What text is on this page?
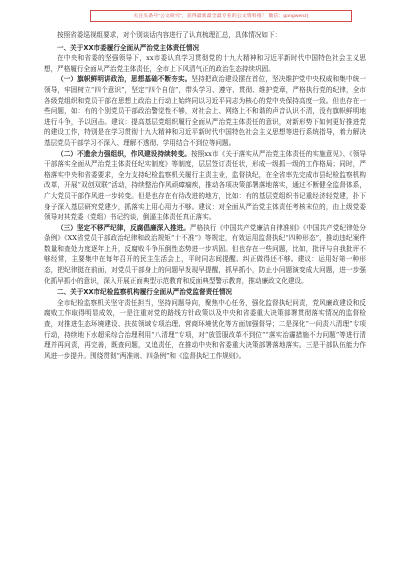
关注头条号“公文研究”，获得最新最全最专业的公文资料推！ 微信：gongwenz)

按照省委巡视组要求，对个别谈话内容进行了认真梳理汇总，具体情况如下：

一、关于XX市委履行全面从严治党主体责任情况

在中央和省委的坚强领导下，xx市委认真学习贯彻党的十九大精神和习近平新时代中国特色社会主义思想，严格履行全面从严治党主体责任，全市上下风清气正的政治生态持续巩固。

（一）旗帜鲜明讲政治，思想基础不断夯实。坚持把政治建设摆在首位，坚决维护党中央权威和集中统一领导，牢固树立“四个意识”，坚定“四个自信”，带头学习、遵守、贯彻、维护党章，严格执行党的纪律，全市各级党组织和党员干部在思想上政治上行动上始终同以习近平同志为核心的党中央保持高度一致。但也存在一些问题，如：有的个别党员干部政治警觉性不够，对社会上、网络上不和谐的声音认识不清，没有旗帜鲜明地进行斗争，予以回击。建议：提高基层党组织履行全面从严治党主体责任的意识，对新形势下如何更好推进党的建设工作，特别是在学习贯彻十九大精神和习近平新时代中国特色社会主义思想等进行系统指导，着力解决基层党员干部学习不深入、理解不透彻、学用结合不到位等问题。

（二）不遗余力强组织，作风建设持续转变。按照xx市《关于落实从严治党主体责任的实施意见》、《领导干部落实全面从严治党主体责任纪实制度》等制度，层层签订责任状，形成一级抓一级的工作格局；同时，严格落实中央和省委要求，全力支持纪检监察机关履行主责主业，监督执纪，在全省率先完成市县纪检监察机构改革，开展“双创双联”活动，持续整治作风顽瘴痼疾，推动各项决策部署落地落实，通过不断健全监督体系，广大党员干部作风进一步转变。但是也存在有待改进的地方，比如：有的基层党组织书记重经济轻党建，扑下身子深入基层研究党建少，抓落实上用心用力不够。建议：对全面从严治党主体责任考核末位的，由上级党委领导对其党委（党组）书记约谈，倒逼主体责任真正落实。

（三）坚定不移严纪律，反腐倡廉深入推进。严格执行《中国共产党廉洁自律准则》《中国共产党纪律处分条例》《XX省党员干部政治纪律和政治规矩“十不准”》等规定，有效运用监督执纪“四种形态”，推动违纪案件数量和查处力度逐年上升，反腐败斗争压倒性态势进一步巩固。但也存在一些问题，比如，批评与自我批评不够经常，主要集中在每年召开的民主生活会上，平时同志间提醒、纠正做得还不够。建议：运用好第一种形态，把纪律挺在前面，对党员干部身上的问题早发现早提醒，抓早抓小，防止小问题演变成大问题，进一步强化抓早抓小的意识，深入开展正面典型示范教育和反面典型警示教育，推动廉政文化建设。

二、关于XX市纪检监察机构履行全面从严治党监督责任情况

全市纪检监察机关坚守责任担当，坚持问题导向，聚焦中心任务，强化监督执纪问责，党风廉政建设和反腐败工作取得明显成效，一是注重对党的路线方针政策以及中央和省委重大决策部署贯彻落实情况的监督检查，对推进生态环境建设、扶贫领域专项治理、营商环境优化等方面加强督导；二是深化“一问责八清理”专项行动，持续地下水超采综合治理利用“八清理”专项，对“放管服改革不到位”“落实治霾措施不力问题”等进行清理并再问责，再完善，既查问题，又追责任，在推动中央和省委重大决策部署落地落实。三是干部队伍能力作风进一步提升。围绕贯彻“两准则、四条例”和《监督执纪工作规则》。
